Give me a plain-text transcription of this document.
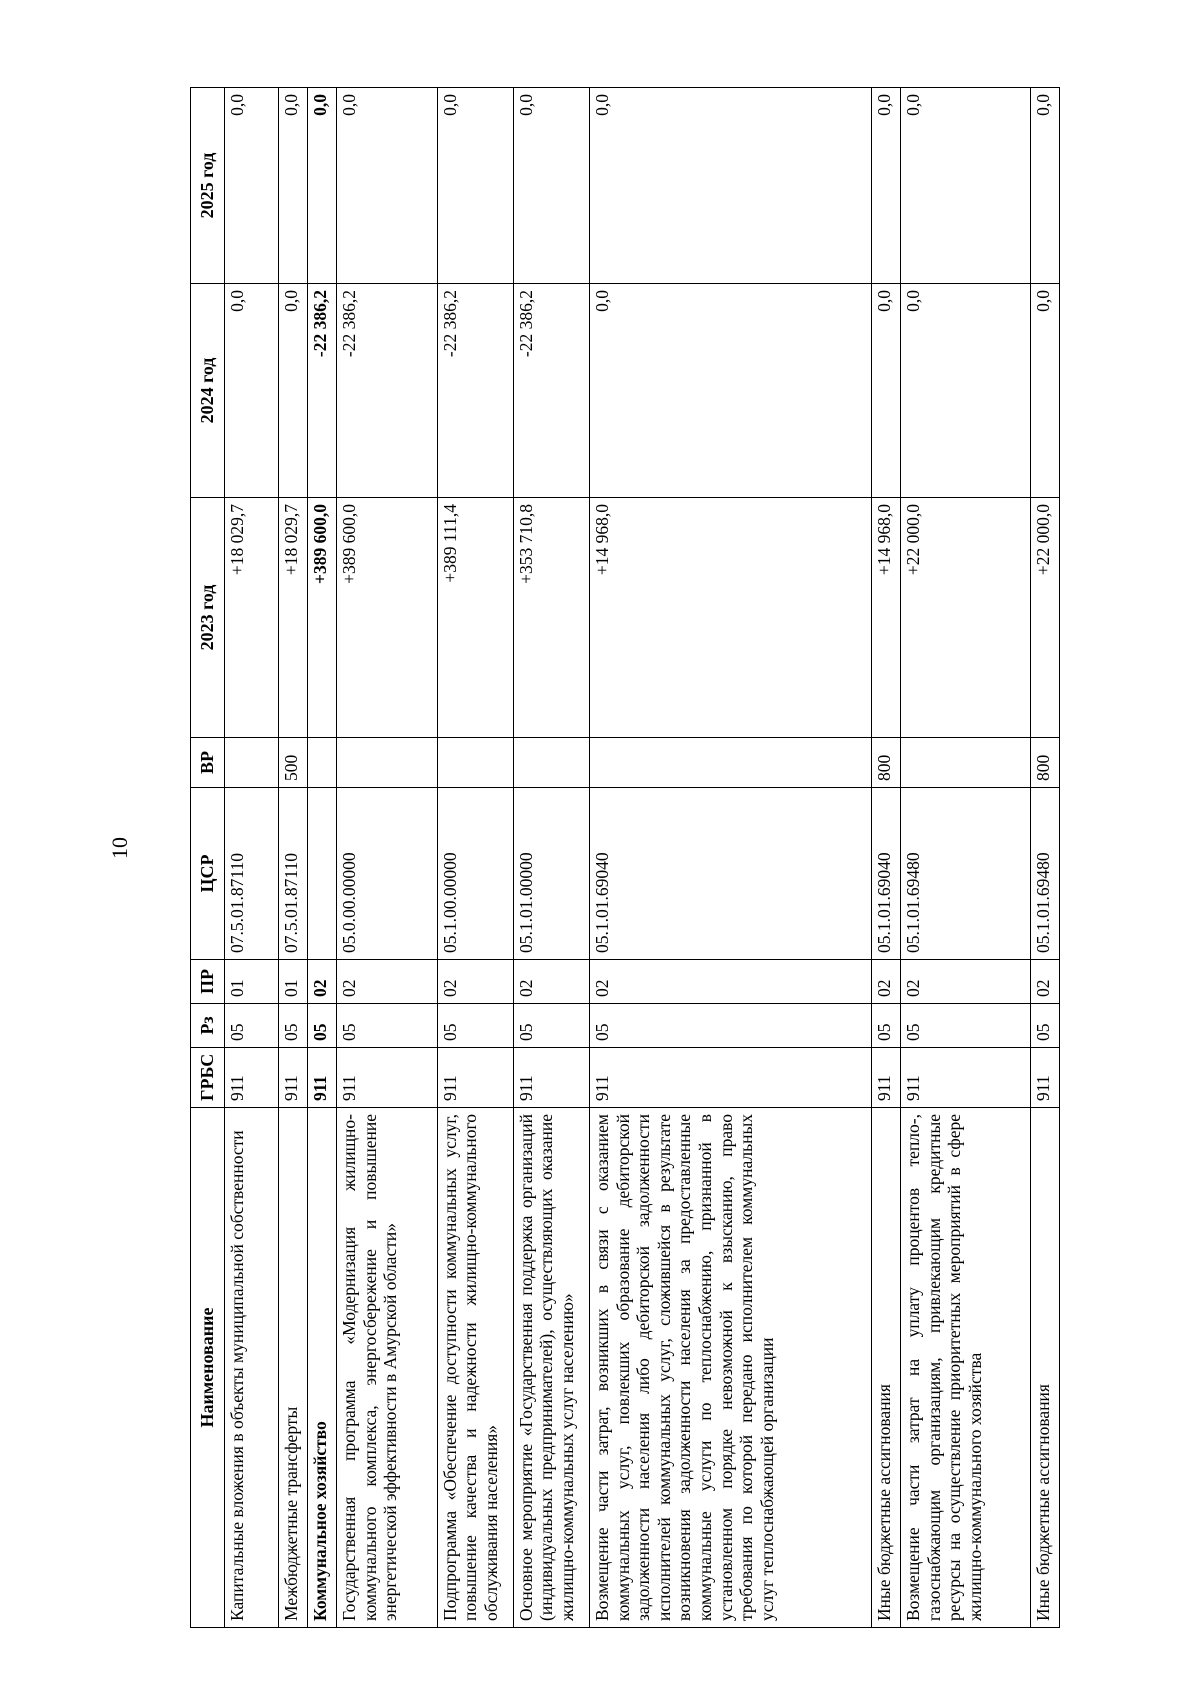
10
Наименование	ГРБС	Рз	ПР	ЦСР	ВР	2023 год	2024 год	2025 год
Капитальные вложения в объекты муниципальной собственности	911	05	01	07.5.01.87110		+18 029,7	0,0	0,0
Межбюджетные трансферты	911	05	01	07.5.01.87110	500	+18 029,7	0,0	0,0
Коммунальное хозяйство	911	05	02			+389 600,0	-22 386,2	0,0
Государственная программа «Модернизация жилищно-коммунального комплекса, энергосбережение и повышение энергетической эффективности в Амурской области»	911	05	02	05.0.00.00000		+389 600,0	-22 386,2	0,0
Подпрограмма «Обеспечение доступности коммунальных услуг, повышение качества и надежности жилищно-коммунального обслуживания населения»	911	05	02	05.1.00.00000		+389 111,4	-22 386,2	0,0
Основное мероприятие «Государственная поддержка организаций (индивидуальных предпринимателей), осуществляющих оказание жилищно-коммунальных услуг населению»	911	05	02	05.1.01.00000		+353 710,8	-22 386,2	0,0
Возмещение части затрат, возникших в связи с оказанием коммунальных услуг, повлекших образование дебиторской задолженности населения либо дебиторской задолженности исполнителей коммунальных услуг, сложившейся в результате возникновения задолженности населения за предоставленные коммунальные услуги по теплоснабжению, признанной в установленном порядке невозможной к взысканию, право требования по которой передано исполнителем коммунальных услуг теплоснабжающей организации	911	05	02	05.1.01.69040		+14 968,0	0,0	0,0
Иные бюджетные ассигнования	911	05	02	05.1.01.69040	800	+14 968,0	0,0	0,0
Возмещение части затрат на уплату процентов тепло-, газоснабжающим организациям, привлекающим кредитные ресурсы на осуществление приоритетных мероприятий в сфере жилищно-коммунального хозяйства	911	05	02	05.1.01.69480		+22 000,0	0,0	0,0
Иные бюджетные ассигнования	911	05	02	05.1.01.69480	800	+22 000,0	0,0	0,0
